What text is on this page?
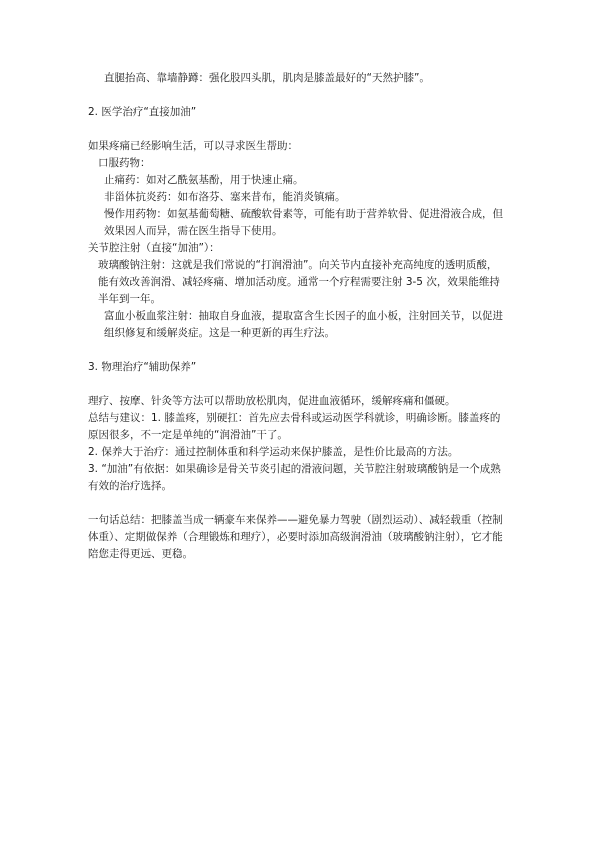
直腿抬高、靠墙静蹲：强化股四头肌，肌肉是膝盖最好的“天然护膝”。
2. 医学治疗“直接加油”
如果疼痛已经影响生活，可以寻求医生帮助：
口服药物：
止痛药：如对乙酰氨基酚，用于快速止痛。
非甾体抗炎药：如布洛芬、塞来昔布，能消炎镇痛。
慢作用药物：如氨基葡萄糖、硫酸软骨素等，可能有助于营养软骨、促进滑液合成，但效果因人而异，需在医生指导下使用。
关节腔注射（直接“加油”）：
玻璃酸钠注射：这就是我们常说的“打润滑油”。向关节内直接补充高纯度的透明质酸，能有效改善润滑、减轻疼痛、增加活动度。通常一个疗程需要注射 3-5 次，效果能维持半年到一年。
富血小板血浆注射：抽取自身血液，提取富含生长因子的血小板，注射回关节，以促进组织修复和缓解炎症。这是一种更新的再生疗法。
3. 物理治疗“辅助保养”
理疗、按摩、针灸等方法可以帮助放松肌肉，促进血液循环，缓解疼痛和僵硬。
总结与建议：1. 膝盖疼，别硬扛：首先应去骨科或运动医学科就诊，明确诊断。膝盖疼的原因很多，不一定是单纯的“润滑油”干了。
2. 保养大于治疗：通过控制体重和科学运动来保护膝盖，是性价比最高的方法。
3. “加油”有依据：如果确诊是骨关节炎引起的滑液问题，关节腔注射玻璃酸钠是一个成熟有效的治疗选择。
一句话总结：把膝盖当成一辆豪车来保养——避免暴力驾驶（剧烈运动）、减轻载重（控制体重）、定期做保养（合理锻炼和理疗），必要时添加高级润滑油（玻璃酸钠注射），它才能陪您走得更远、更稳。
